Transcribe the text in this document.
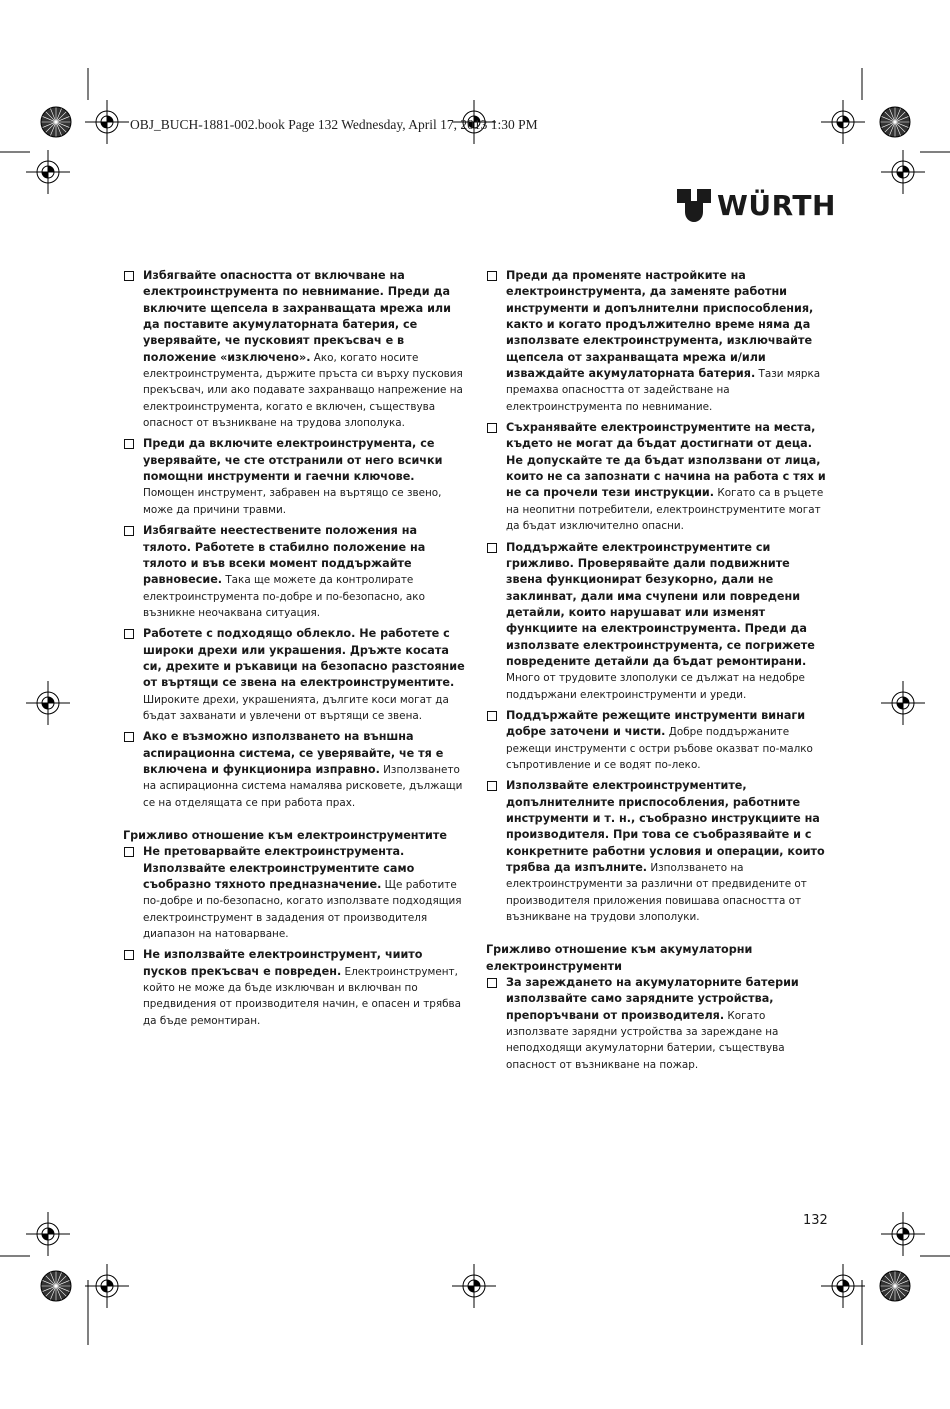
OBJ_BUCH-1881-002.book Page 132 Wednesday, April 17, 2013 1:30 PM
WÜRTH
Избягвайте опасността от включване на електроинструмента по невнимание. Преди да включите щепсела в захранващата мрежа или да поставите акумулаторната батерия, се уверявайте, че пусковият прекъсвач е в положение «изключено». Ако, когато носите електроинструмента, държите пръста си върху пусковия прекъсвач, или ако подавате захранващо напрежение на електроинструмента, когато е включен, съществува опасност от възникване на трудова злополука.
Преди да включите електроинструмента, се уверявайте, че сте отстранили от него всички помощни инструменти и гаечни ключове. Помощен инструмент, забравен на въртящо се звено, може да причини травми.
Избягвайте неестествените положения на тялото. Работете в стабилно положение на тялото и във всеки момент поддържайте равновесие. Така ще можете да контролирате електроинструмента по-добре и по-безопасно, ако възникне неочаквана ситуация.
Работете с подходящо облекло. Не работете с широки дрехи или украшения. Дръжте косата си, дрехите и ръкавици на безопасно разстояние от въртящи се звена на електроинструментите. Широките дрехи, украшенията, дългите коси могат да бъдат захванати и увлечени от въртящи се звена.
Ако е възможно използването на външна аспирационна система, се уверявайте, че тя е включена и функционира изправно. Използването на аспирационна система намалява рисковете, дължащи се на отделящата се при работа прах.
Грижливо отношение към електроинструментите
Не претоварвайте електроинструмента. Използвайте електроинструментите само съобразно тяхното предназначение. Ще работите по-добре и по-безопасно, когато използвате подходящия електроинструмент в зададения от производителя диапазон на натоварване.
Не използвайте електроинструмент, чиито пусков прекъсвач е повреден. Електроинструмент, който не може да бъде изключван и включван по предвидения от производителя начин, е опасен и трябва да бъде ремонтиран.
Преди да променяте настройките на електроинструмента, да заменяте работни инструменти и допълнителни приспособления, както и когато продължително време няма да използвате електроинструмента, изключвайте щепсела от захранващата мрежа и/или изваждайте акумулаторната батерия. Тази мярка премахва опасността от задействане на електроинструмента по невнимание.
Съхранявайте електроинструментите на места, където не могат да бъдат достигнати от деца. Не допускайте те да бъдат използвани от лица, които не са запознати с начина на работа с тях и не са прочели тези инструкции. Когато са в ръцете на неопитни потребители, електроинструментите могат да бъдат изключително опасни.
Поддържайте електроинструментите си грижливо. Проверявайте дали подвижните звена функционират безукорно, дали не заклинват, дали има счупени или повредени детайли, които нарушават или изменят функциите на електроинструмента. Преди да използвате електроинструмента, се погрижете повредените детайли да бъдат ремонтирани. Много от трудовите злополуки се дължат на недобре поддържани електроинструменти и уреди.
Поддържайте режещите инструменти винаги добре заточени и чисти. Добре поддържаните режещи инструменти с остри ръбове оказват по-малко съпротивление и се водят по-леко.
Използвайте електроинструментите, допълнителните приспособления, работните инструменти и т. н., съобразно инструкциите на производителя. При това се съобразявайте и с конкретните работни условия и операции, които трябва да изпълните. Използването на електроинструменти за различни от предвидените от производителя приложения повишава опасността от възникване на трудови злополуки.
Грижливо отношение към акумулаторни електроинструменти
За зареждането на акумулаторните батерии използвайте само зарядните устройства, препоръчвани от производителя. Когато използвате зарядни устройства за зареждане на неподходящи акумулаторни батерии, съществува опасност от възникване на пожар.
132
